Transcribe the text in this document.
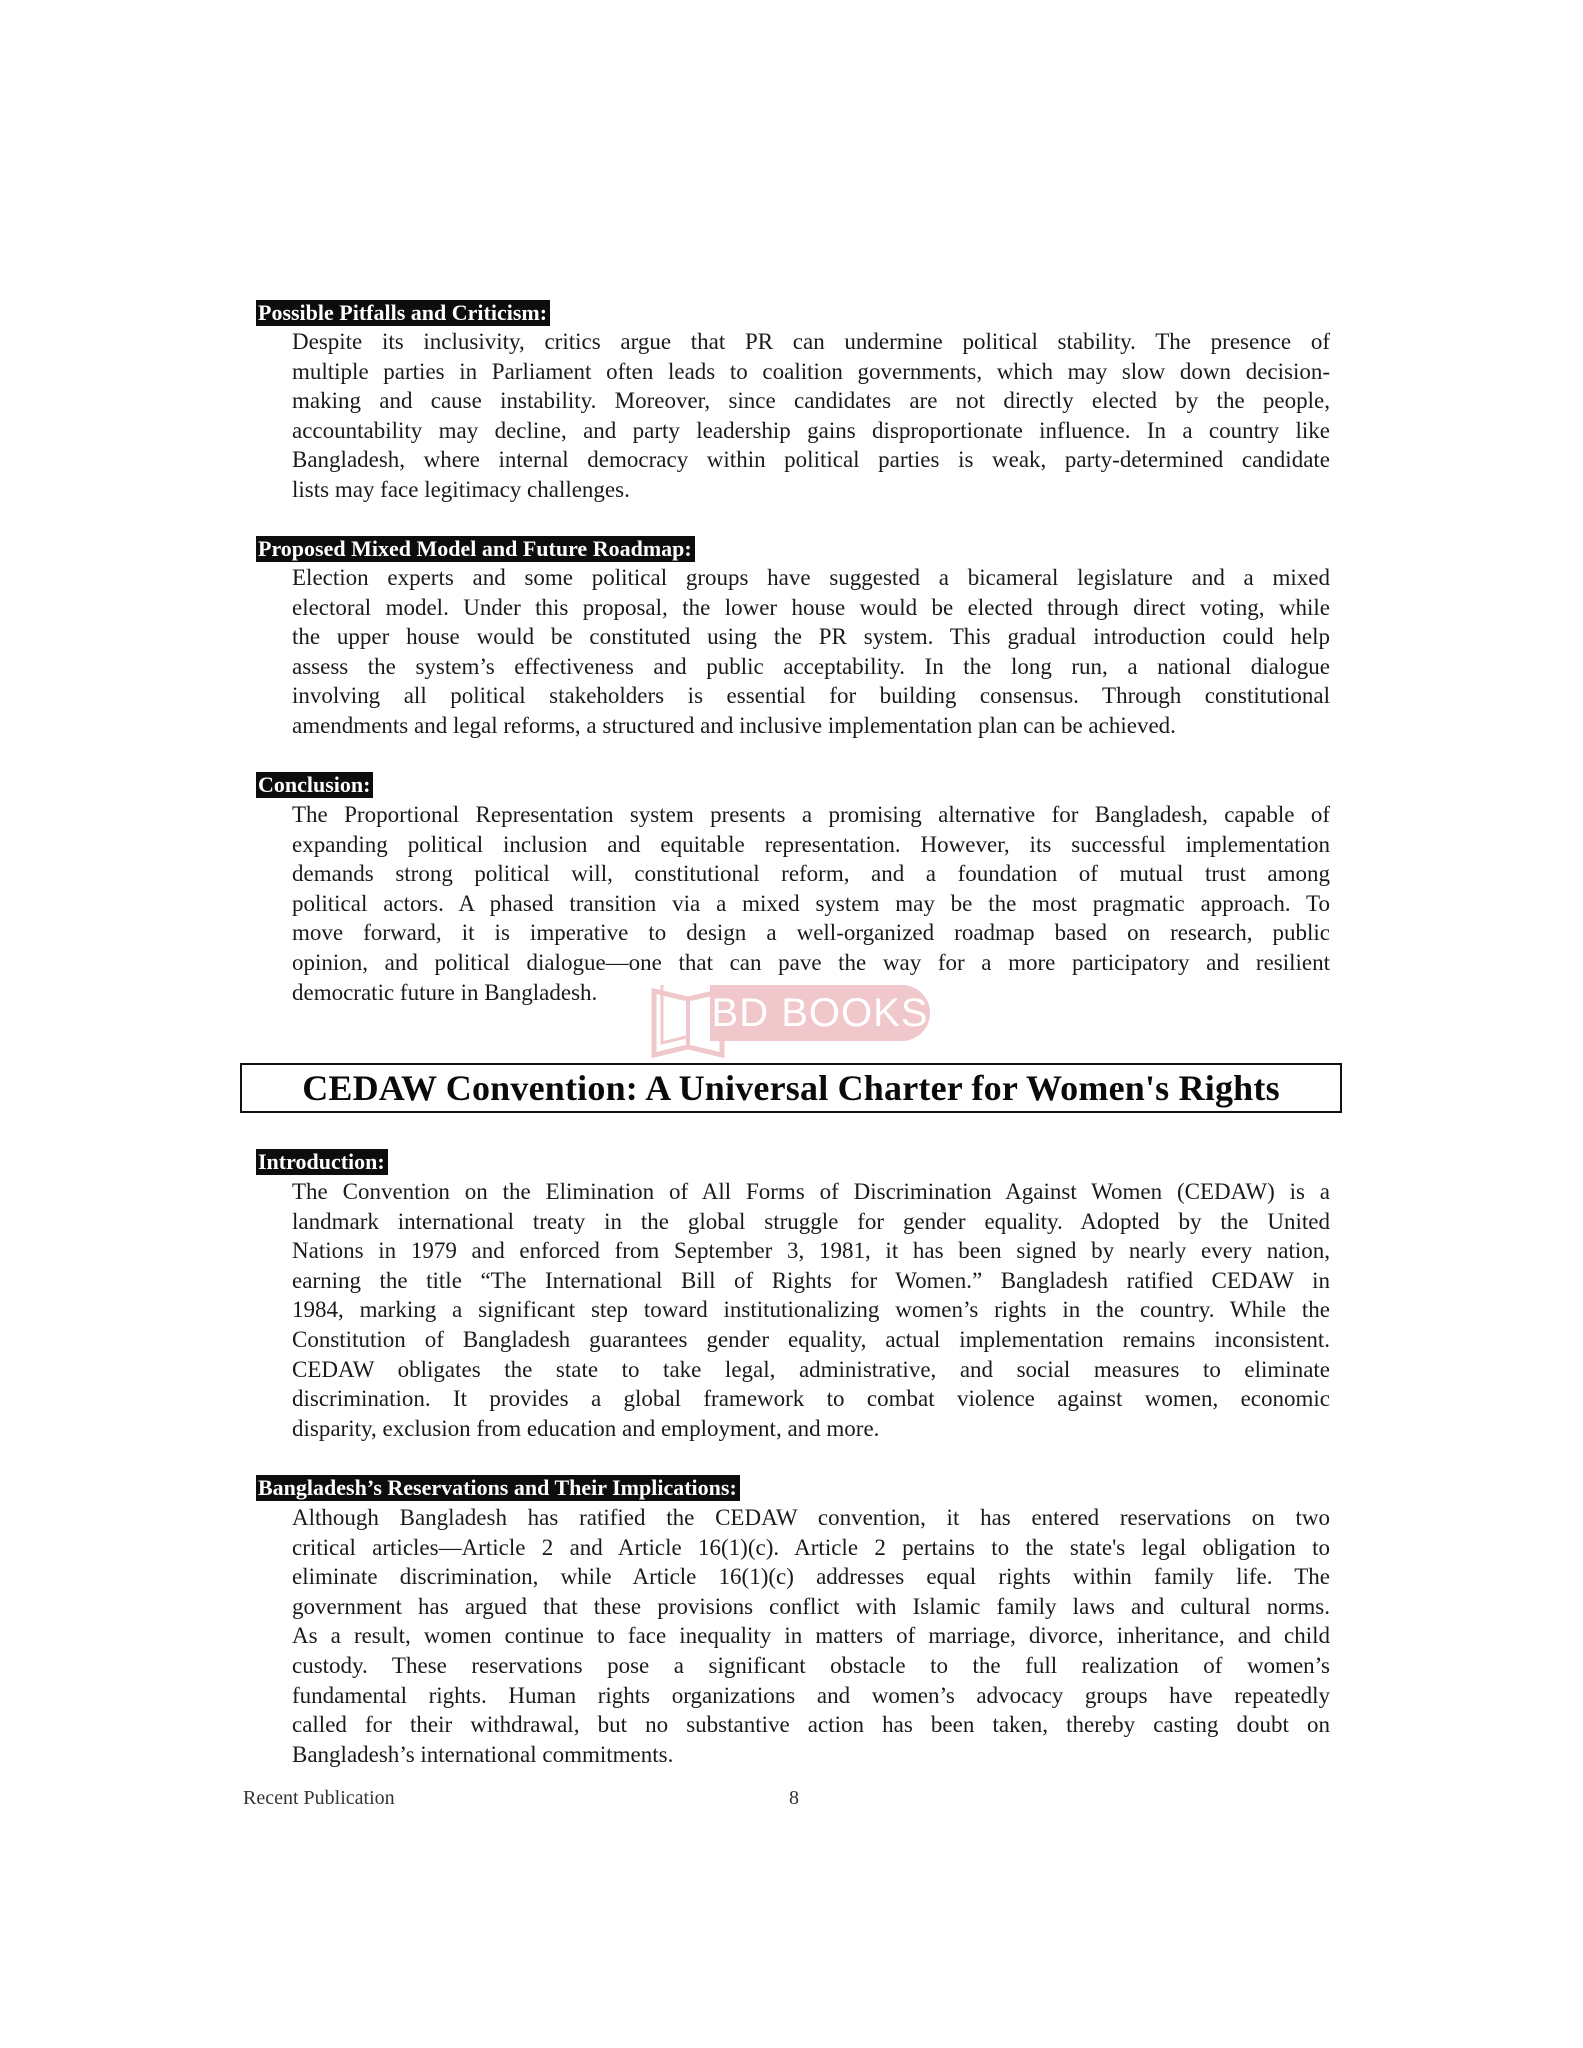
Possible Pitfalls and Criticism:
Despite its inclusivity, critics argue that PR can undermine political stability. The presence of
multiple parties in Parliament often leads to coalition governments, which may slow down decision-
making and cause instability. Moreover, since candidates are not directly elected by the people,
accountability may decline, and party leadership gains disproportionate influence. In a country like
Bangladesh, where internal democracy within political parties is weak, party-determined candidate
lists may face legitimacy challenges.
Proposed Mixed Model and Future Roadmap:
Election experts and some political groups have suggested a bicameral legislature and a mixed
electoral model. Under this proposal, the lower house would be elected through direct voting, while
the upper house would be constituted using the PR system. This gradual introduction could help
assess the system’s effectiveness and public acceptability. In the long run, a national dialogue
involving all political stakeholders is essential for building consensus. Through constitutional
amendments and legal reforms, a structured and inclusive implementation plan can be achieved.
Conclusion:
The Proportional Representation system presents a promising alternative for Bangladesh, capable of
expanding political inclusion and equitable representation. However, its successful implementation
demands strong political will, constitutional reform, and a foundation of mutual trust among
political actors. A phased transition via a mixed system may be the most pragmatic approach. To
move forward, it is imperative to design a well-organized roadmap based on research, public
opinion, and political dialogue—one that can pave the way for a more participatory and resilient
democratic future in Bangladesh.	BD BOOKS
CEDAW Convention: A Universal Charter for Women's Rights
Introduction:
The Convention on the Elimination of All Forms of Discrimination Against Women (CEDAW) is a
landmark international treaty in the global struggle for gender equality. Adopted by the United
Nations in 1979 and enforced from September 3, 1981, it has been signed by nearly every nation,
earning the title “The International Bill of Rights for Women.” Bangladesh ratified CEDAW in
1984, marking a significant step toward institutionalizing women’s rights in the country. While the
Constitution of Bangladesh guarantees gender equality, actual implementation remains inconsistent.
CEDAW obligates the state to take legal, administrative, and social measures to eliminate
discrimination. It provides a global framework to combat violence against women, economic
disparity, exclusion from education and employment, and more.
Bangladesh’s Reservations and Their Implications:
Although Bangladesh has ratified the CEDAW convention, it has entered reservations on two
critical articles—Article 2 and Article 16(1)(c). Article 2 pertains to the state's legal obligation to
eliminate discrimination, while Article 16(1)(c) addresses equal rights within family life. The
government has argued that these provisions conflict with Islamic family laws and cultural norms.
As a result, women continue to face inequality in matters of marriage, divorce, inheritance, and child
custody. These reservations pose a significant obstacle to the full realization of women’s
fundamental rights. Human rights organizations and women’s advocacy groups have repeatedly
called for their withdrawal, but no substantive action has been taken, thereby casting doubt on
Bangladesh’s international commitments.
Recent Publication	8
